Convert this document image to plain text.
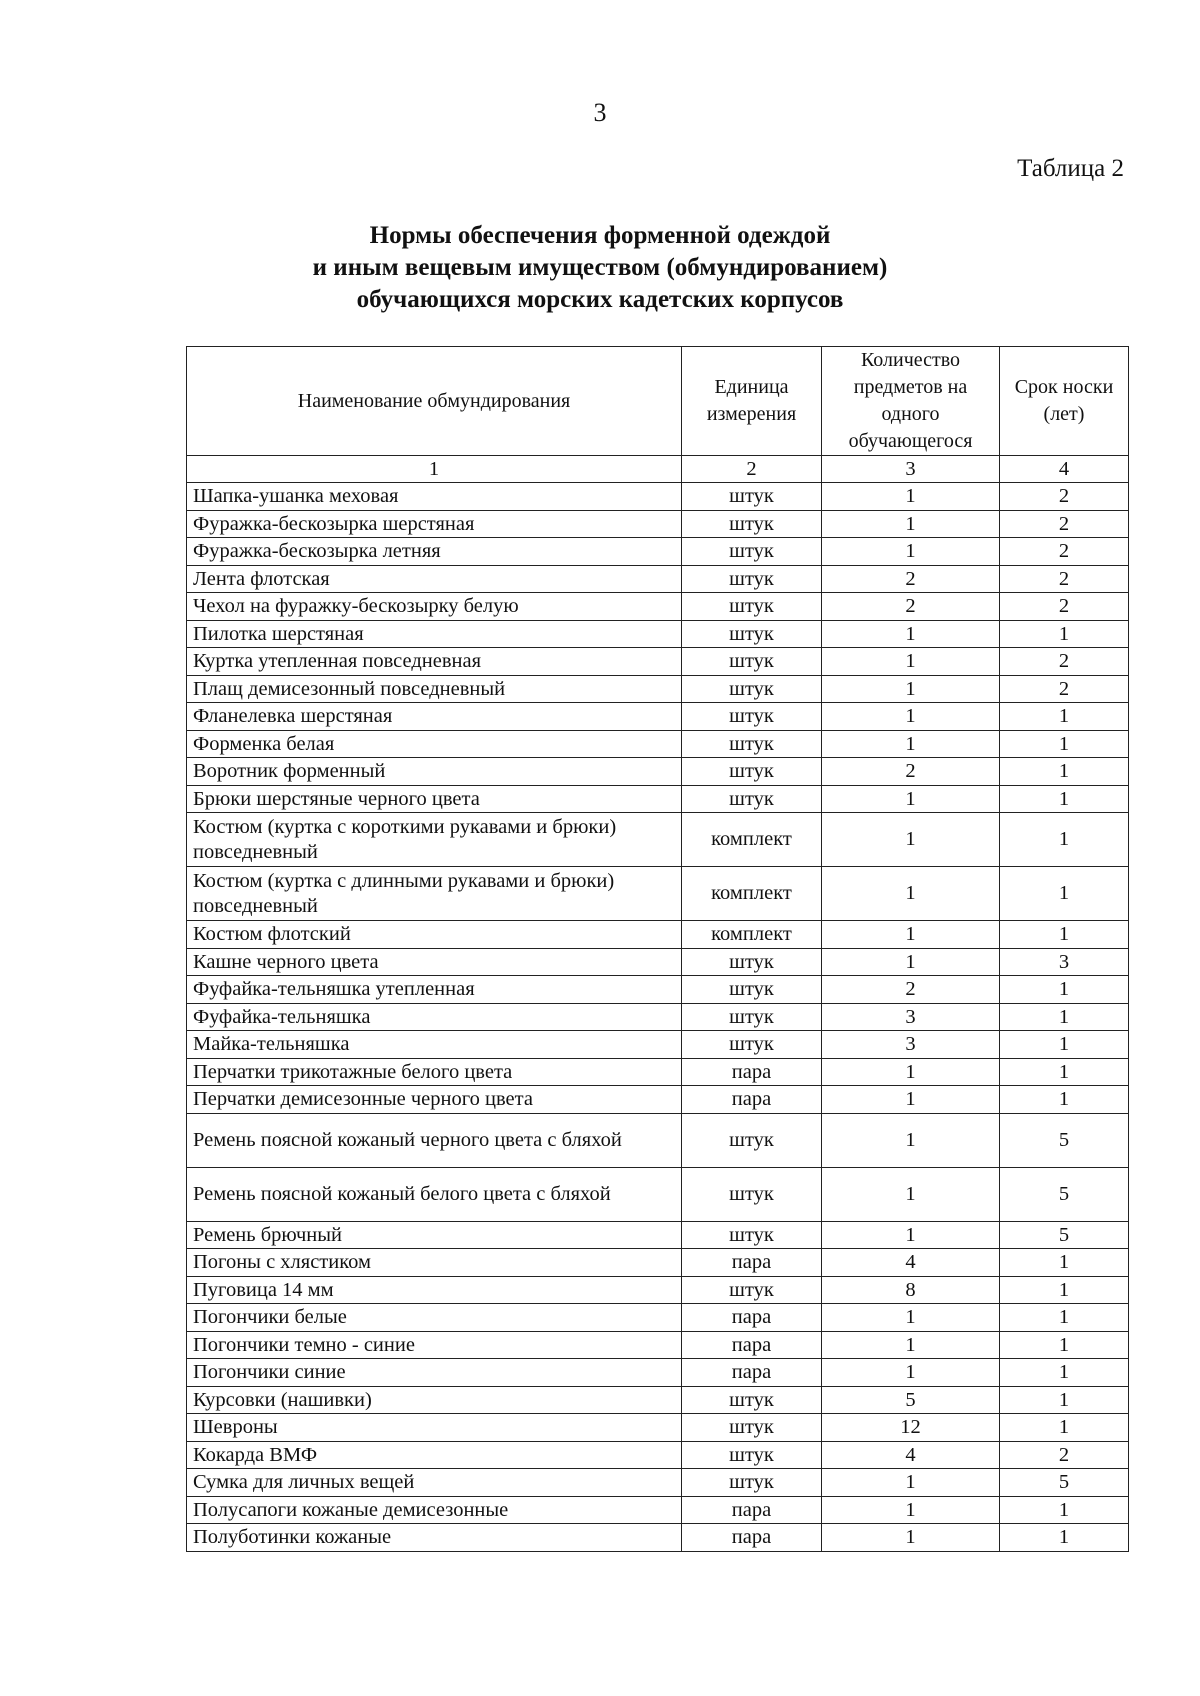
3
Таблица 2
Нормы обеспечения форменной одеждой
и иным вещевым имуществом (обмундированием)
обучающихся морских кадетских корпусов
Наименование обмундирования	Единица измерения	Количество предметов на одного обучающегося	Срок носки (лет)
1	2	3	4
Шапка-ушанка меховая	штук	1	2
Фуражка-бескозырка шерстяная	штук	1	2
Фуражка-бескозырка летняя	штук	1	2
Лента флотская	штук	2	2
Чехол на фуражку-бескозырку белую	штук	2	2
Пилотка шерстяная	штук	1	1
Куртка утепленная повседневная	штук	1	2
Плащ демисезонный повседневный	штук	1	2
Фланелевка шерстяная	штук	1	1
Форменка белая	штук	1	1
Воротник форменный	штук	2	1
Брюки шерстяные черного цвета	штук	1	1
Костюм (куртка с короткими рукавами и брюки) повседневный	комплект	1	1
Костюм (куртка с длинными рукавами и брюки) повседневный	комплект	1	1
Костюм флотский	комплект	1	1
Кашне черного цвета	штук	1	3
Фуфайка-тельняшка утепленная	штук	2	1
Фуфайка-тельняшка	штук	3	1
Майка-тельняшка	штук	3	1
Перчатки трикотажные белого цвета	пара	1	1
Перчатки демисезонные черного цвета	пара	1	1
Ремень поясной кожаный черного цвета с бляхой	штук	1	5
Ремень поясной кожаный белого цвета с бляхой	штук	1	5
Ремень брючный	штук	1	5
Погоны с хлястиком	пара	4	1
Пуговица 14 мм	штук	8	1
Погончики белые	пара	1	1
Погончики темно - синие	пара	1	1
Погончики синие	пара	1	1
Курсовки (нашивки)	штук	5	1
Шевроны	штук	12	1
Кокарда ВМФ	штук	4	2
Сумка для личных вещей	штук	1	5
Полусапоги кожаные демисезонные	пара	1	1
Полуботинки кожаные	пара	1	1
